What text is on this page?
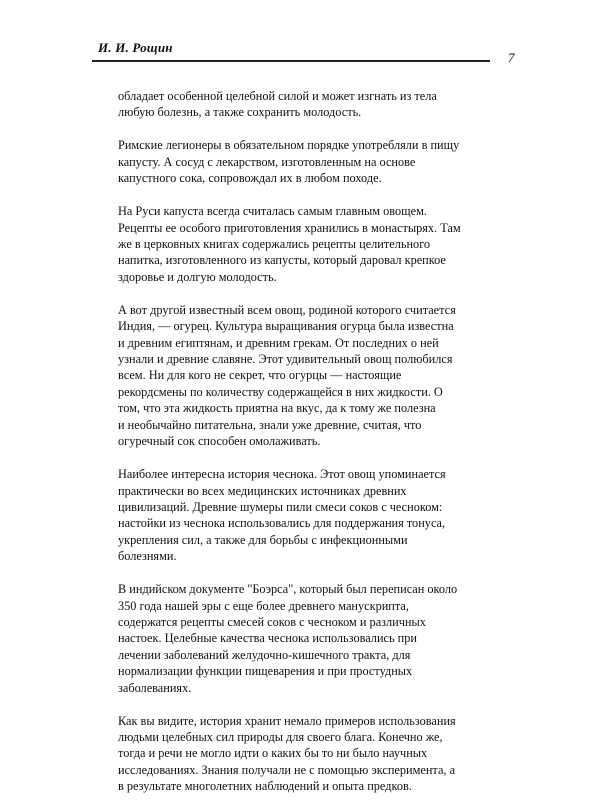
И. И. Рощин
7

обладает особенной целебной силой и может изгнать из тела
любую болезнь, а также сохранить молодость.

Римские легионеры в обязательном порядке употребляли в пищу
капусту. А сосуд с лекарством, изготовленным на основе
капустного сока, сопровождал их в любом походе.

На Руси капуста всегда считалась самым главным овощем.
Рецепты ее особого приготовления хранились в монастырях. Там
же в церковных книгах содержались рецепты целительного
напитка, изготовленного из капусты, который даровал крепкое
здоровье и долгую молодость.

А вот другой известный всем овощ, родиной которого считается
Индия, — огурец. Культура выращивания огурца была известна
и древним египтянам, и древним грекам. От последних о ней
узнали и древние славяне. Этот удивительный овощ полюбился
всем. Ни для кого не секрет, что огурцы — настоящие
рекордсмены по количеству содержащейся в них жидкости. О
том, что эта жидкость приятна на вкус, да к тому же полезна
и необычайно питательна, знали уже древние, считая, что
огуречный сок способен омолаживать.

Наиболее интересна история чеснока. Этот овощ упоминается
практически во всех медицинских источниках древних
цивилизаций. Древние шумеры пили смеси соков с чесноком:
настойки из чеснока использовались для поддержания тонуса,
укрепления сил, а также для борьбы с инфекционными
болезнями.

В индийском документе "Боэрса", который был переписан около
350 года нашей эры с еще более древнего манускрипта,
содержатся рецепты смесей соков с чесноком и различных
настоек. Целебные качества чеснока использовались при
лечении заболеваний желудочно-кишечного тракта, для
нормализации функции пищеварения и при простудных
заболеваниях.

Как вы видите, история хранит немало примеров использования
людьми целебных сил природы для своего блага. Конечно же,
тогда и речи не могло идти о каких бы то ни было научных
исследованиях. Знания получали не с помощью эксперимента, а
в результате многолетних наблюдений и опыта предков.
